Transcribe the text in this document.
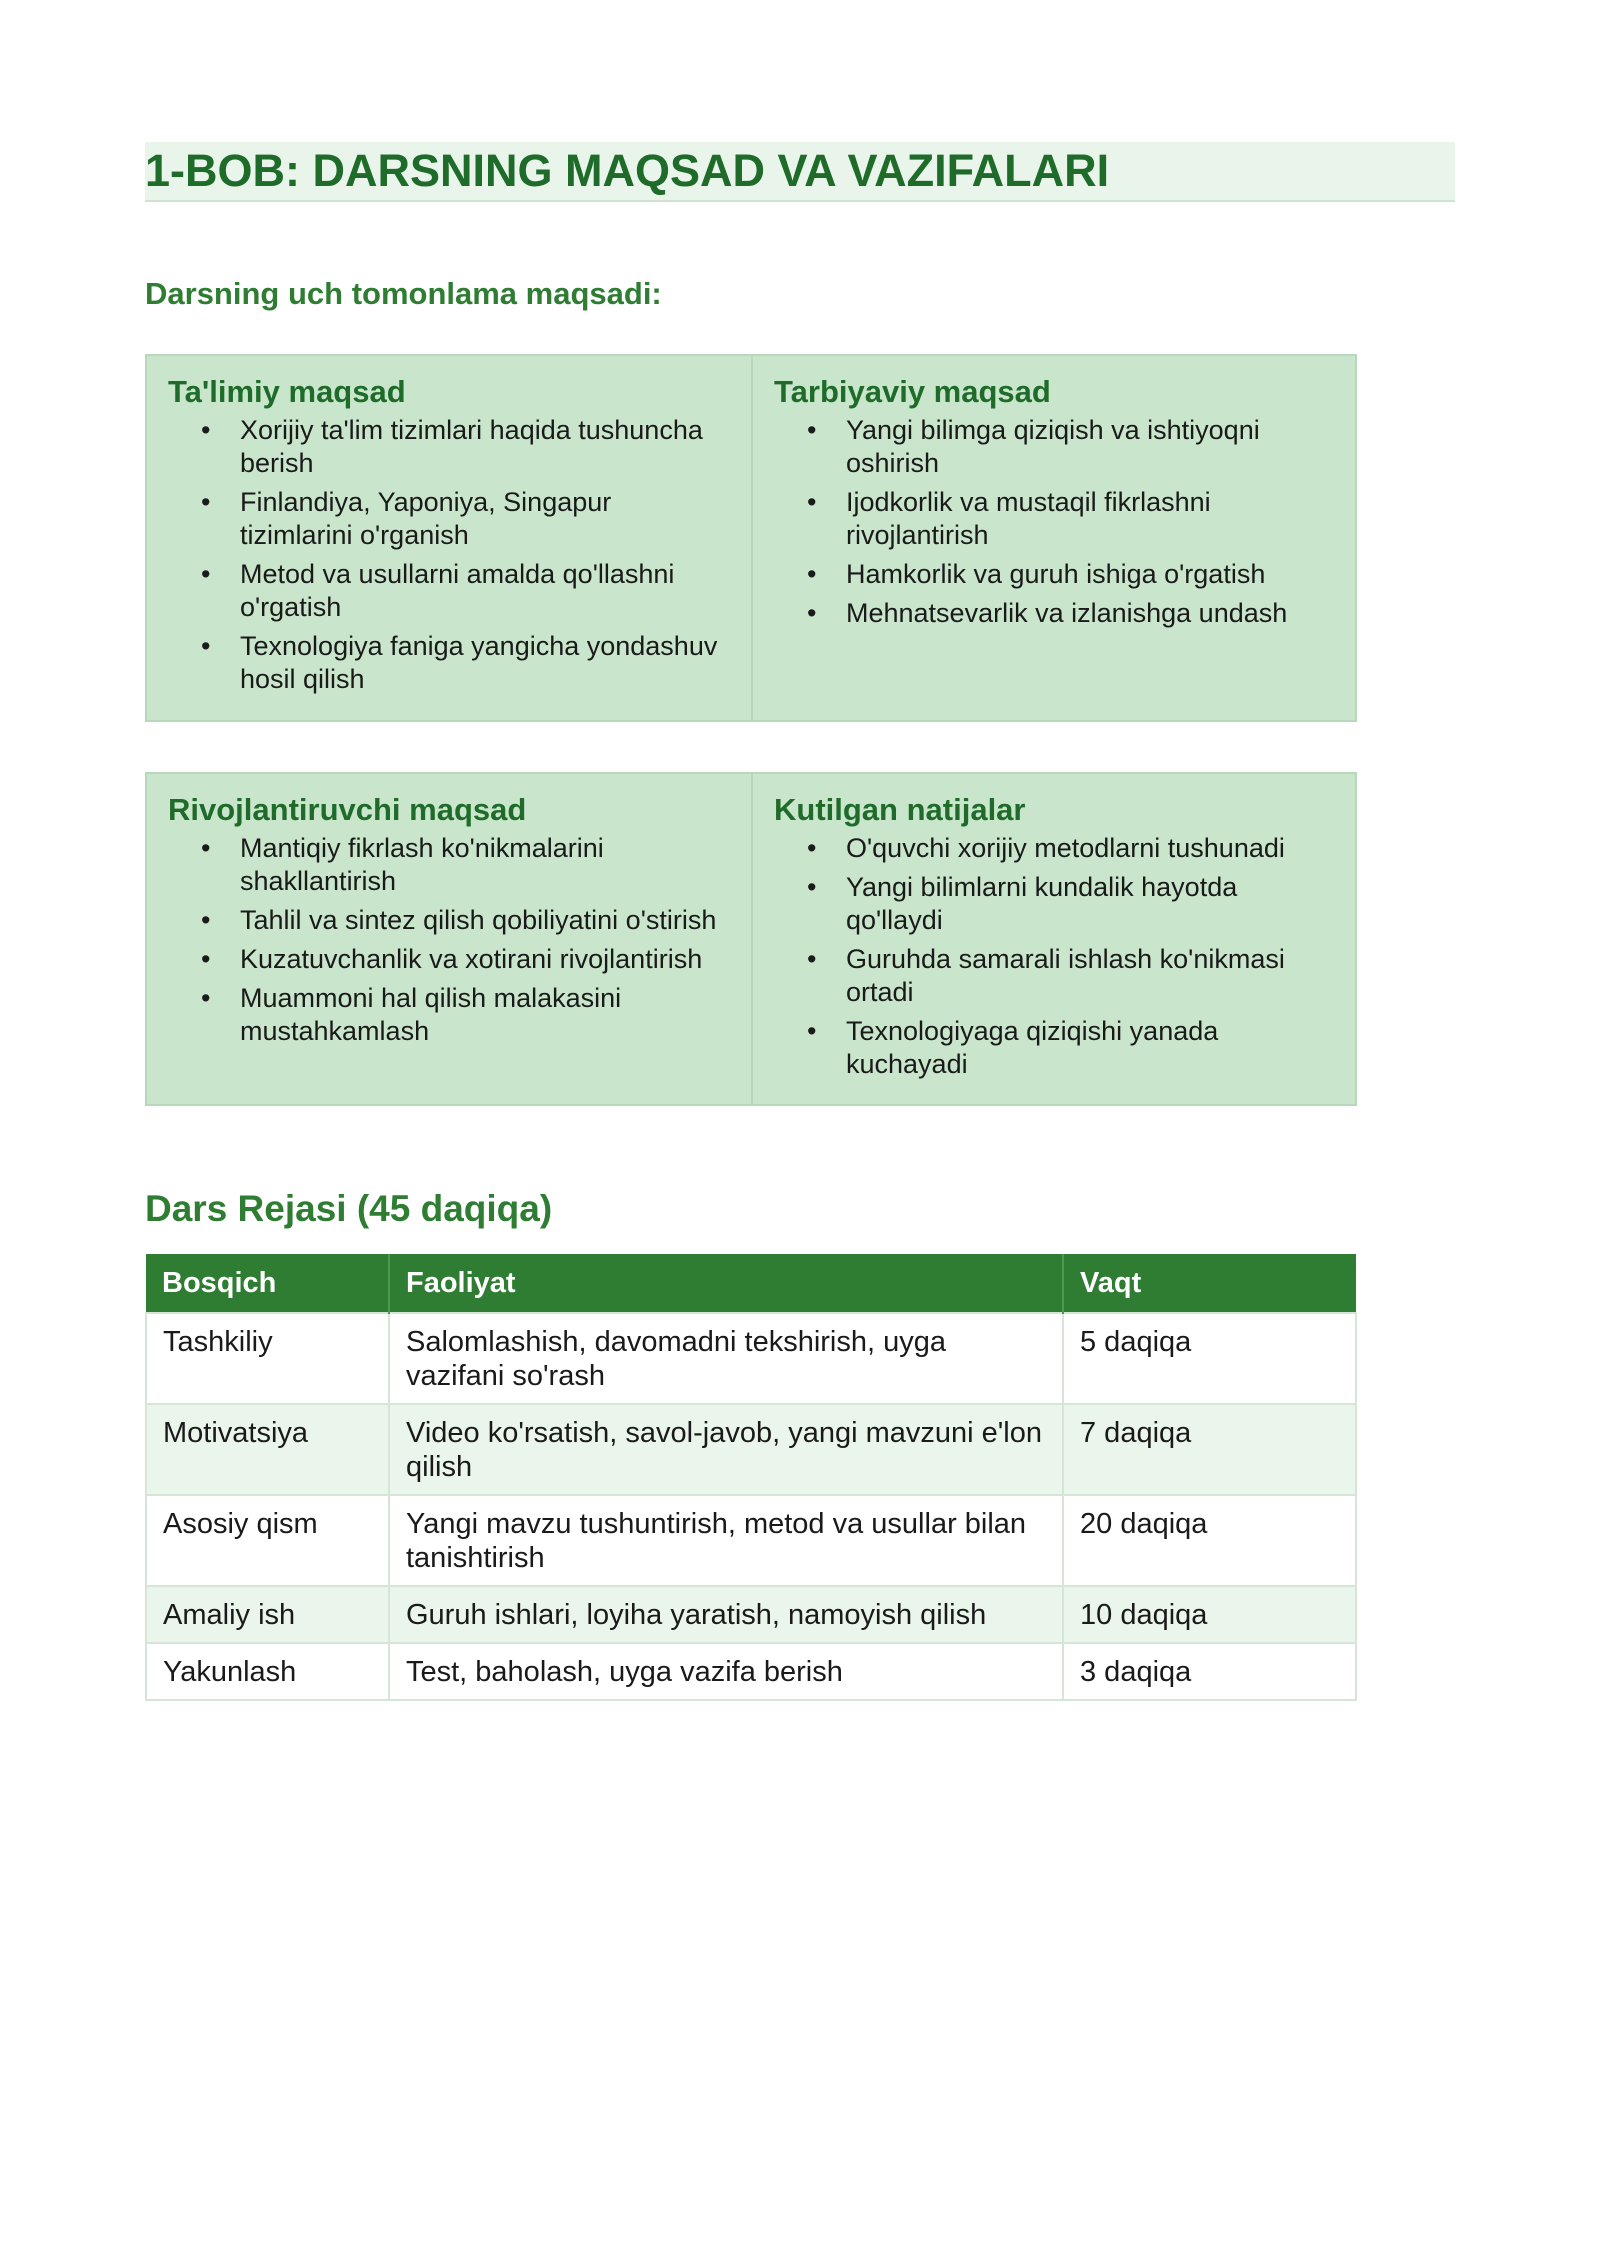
1-BOB: DARSNING MAQSAD VA VAZIFALARI
Darsning uch tomonlama maqsadi:
Ta'limiy maqsad
• Xorijiy ta'lim tizimlari haqida tushuncha berish
• Finlandiya, Yaponiya, Singapur tizimlarini o'rganish
• Metod va usullarni amalda qo'llashni o'rgatish
• Texnologiya faniga yangicha yondashuv hosil qilish
Tarbiyaviy maqsad
• Yangi bilimga qiziqish va ishtiyoqni oshirish
• Ijodkorlik va mustaqil fikrlashni rivojlantirish
• Hamkorlik va guruh ishiga o'rgatish
• Mehnatsevarlik va izlanishga undash
Rivojlantiruvchi maqsad
• Mantiqiy fikrlash ko'nikmalarini shakllantirish
• Tahlil va sintez qilish qobiliyatini o'stirish
• Kuzatuvchanlik va xotirani rivojlantirish
• Muammoni hal qilish malakasini mustahkamlash
Kutilgan natijalar
• O'quvchi xorijiy metodlarni tushunadi
• Yangi bilimlarni kundalik hayotda qo'llaydi
• Guruhda samarali ishlash ko'nikmasi ortadi
• Texnologiyaga qiziqishi yanada kuchayadi
Dars Rejasi (45 daqiqa)
Bosqich	Faoliyat	Vaqt
Tashkiliy	Salomlashish, davomadni tekshirish, uyga vazifani so'rash	5 daqiqa
Motivatsiya	Video ko'rsatish, savol-javob, yangi mavzuni e'lon qilish	7 daqiqa
Asosiy qism	Yangi mavzu tushuntirish, metod va usullar bilan tanishtirish	20 daqiqa
Amaliy ish	Guruh ishlari, loyiha yaratish, namoyish qilish	10 daqiqa
Yakunlash	Test, baholash, uyga vazifa berish	3 daqiqa
